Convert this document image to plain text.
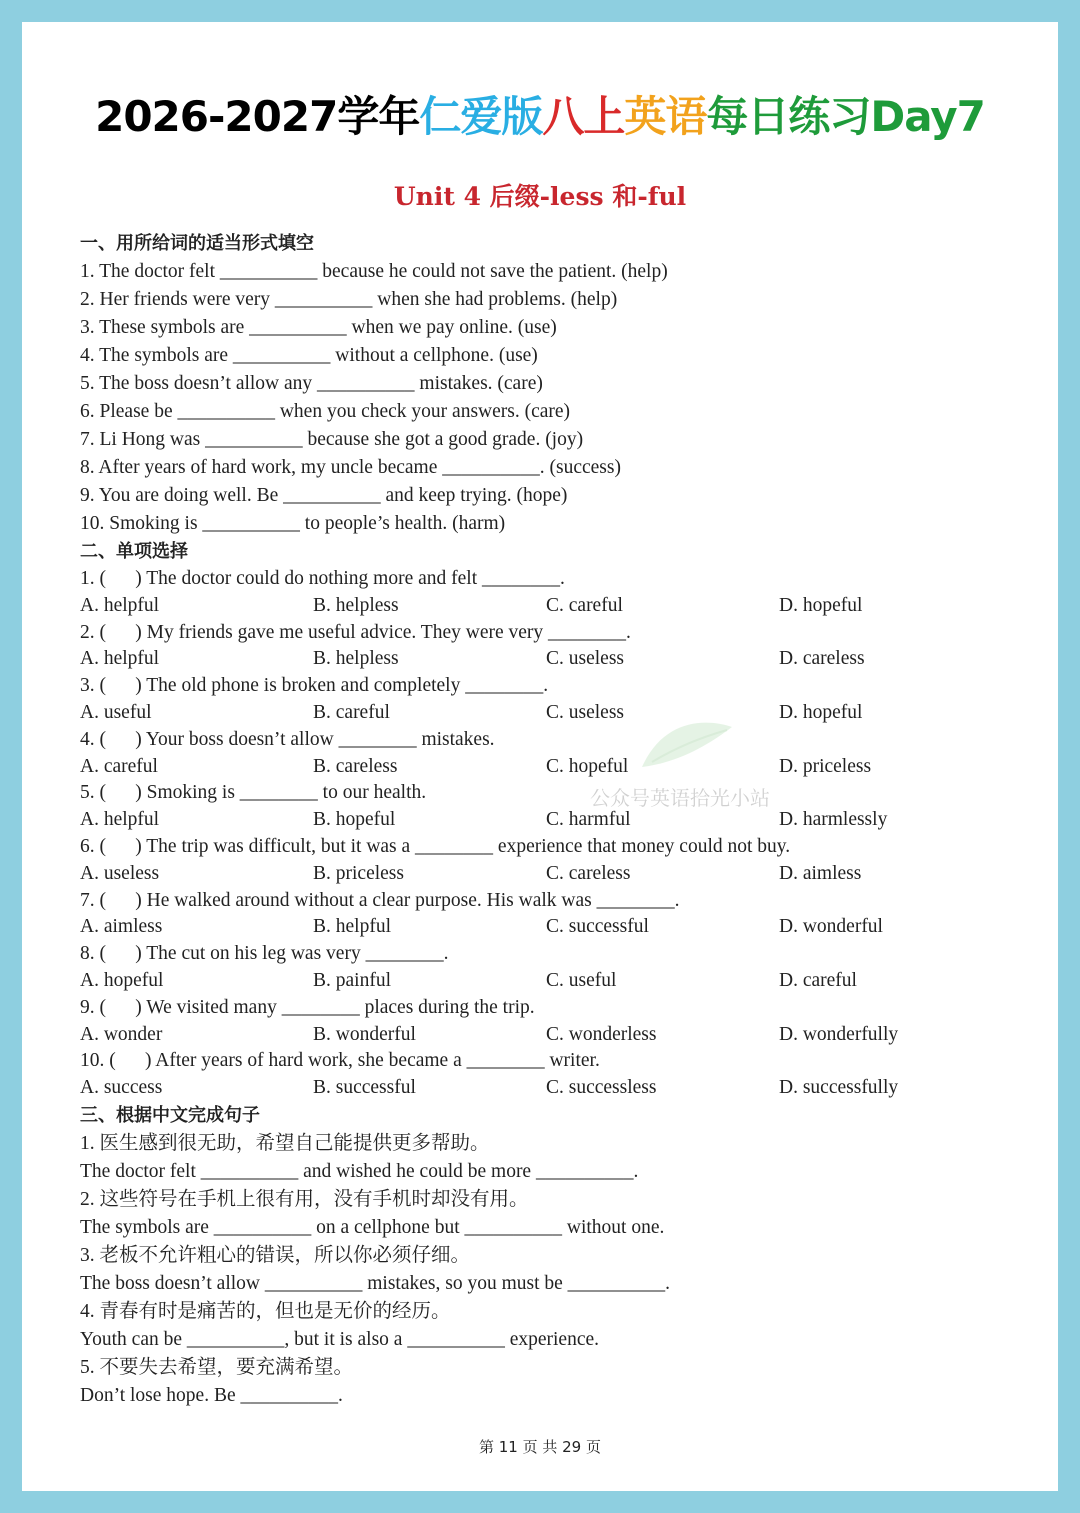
2026-2027学年仁爱版八上英语每日练习Day7
Unit 4 后缀-less 和-ful
公众号英语拾光小站
一、用所给词的适当形式填空
1. The doctor felt __________ because he could not save the patient. (help)
2. Her friends were very __________ when she had problems. (help)
3. These symbols are __________ when we pay online. (use)
4. The symbols are __________ without a cellphone. (use)
5. The boss doesn’t allow any __________ mistakes. (care)
6. Please be __________ when you check your answers. (care)
7. Li Hong was __________ because she got a good grade. (joy)
8. After years of hard work, my uncle became __________. (success)
9. You are doing well. Be __________ and keep trying. (hope)
10. Smoking is __________ to people’s health. (harm)
二、单项选择
1. (      ) The doctor could do nothing more and felt ________.
A. helpful	B. helpless	C. careful	D. hopeful
2. (      ) My friends gave me useful advice. They were very ________.
A. helpful	B. helpless	C. useless	D. careless
3. (      ) The old phone is broken and completely ________.
A. useful	B. careful	C. useless	D. hopeful
4. (      ) Your boss doesn’t allow ________ mistakes.
A. careful	B. careless	C. hopeful	D. priceless
5. (      ) Smoking is ________ to our health.
A. helpful	B. hopeful	C. harmful	D. harmlessly
6. (      ) The trip was difficult, but it was a ________ experience that money could not buy.
A. useless	B. priceless	C. careless	D. aimless
7. (      ) He walked around without a clear purpose. His walk was ________.
A. aimless	B. helpful	C. successful	D. wonderful
8. (      ) The cut on his leg was very ________.
A. hopeful	B. painful	C. useful	D. careful
9. (      ) We visited many ________ places during the trip.
A. wonder	B. wonderful	C. wonderless	D. wonderfully
10. (      ) After years of hard work, she became a ________ writer.
A. success	B. successful	C. successless	D. successfully
三、根据中文完成句子
1. 医生感到很无助，希望自己能提供更多帮助。
The doctor felt __________ and wished he could be more __________.
2. 这些符号在手机上很有用，没有手机时却没有用。
The symbols are __________ on a cellphone but __________ without one.
3. 老板不允许粗心的错误，所以你必须仔细。
The boss doesn’t allow __________ mistakes, so you must be __________.
4. 青春有时是痛苦的，但也是无价的经历。
Youth can be __________, but it is also a __________ experience.
5. 不要失去希望，要充满希望。
Don’t lose hope. Be __________.
第 11 页 共 29 页
